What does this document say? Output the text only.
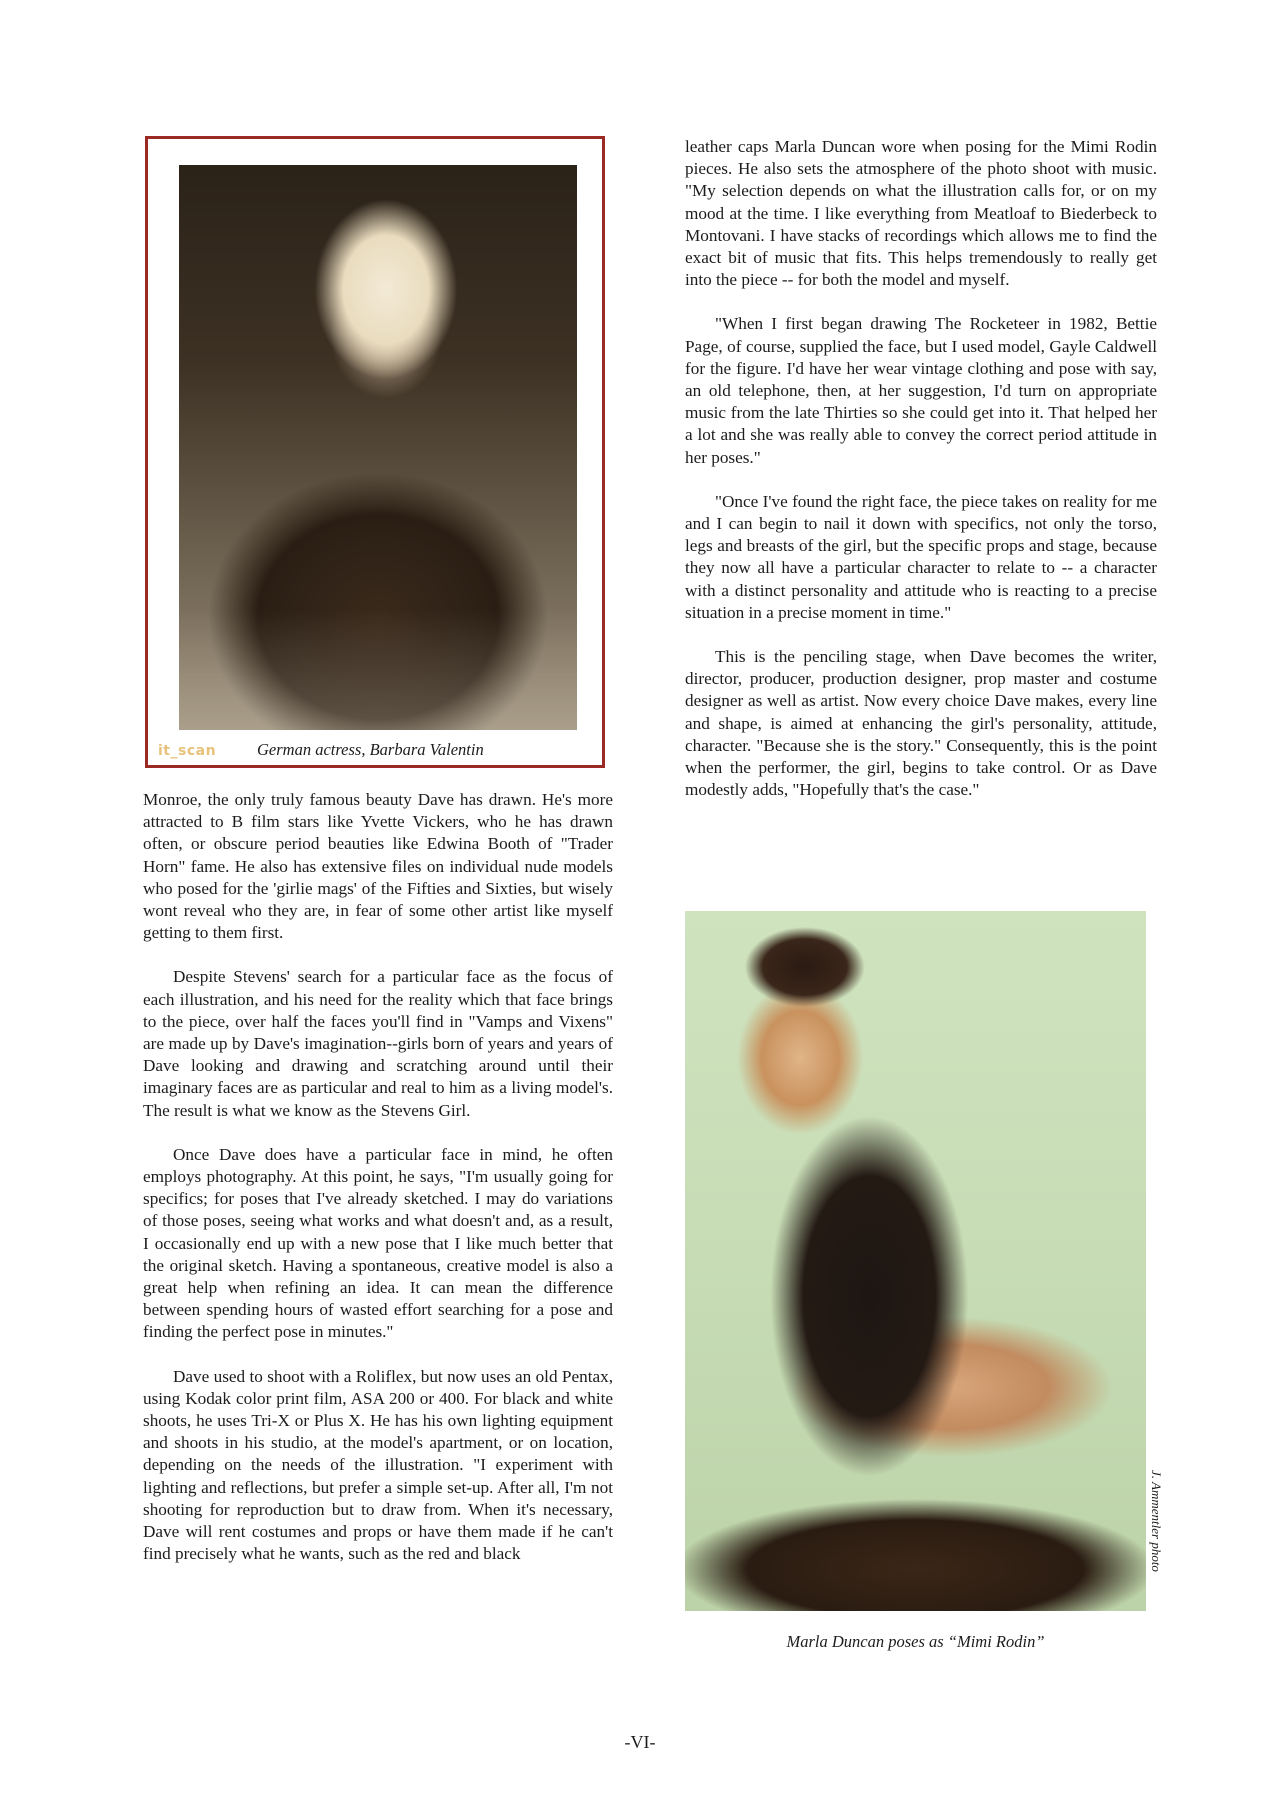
it_scan German actress, Barbara Valentin

Monroe, the only truly famous beauty Dave has drawn. He's more attracted to B film stars like Yvette Vickers, who he has drawn often, or obscure period beauties like Edwina Booth of "Trader Horn" fame. He also has extensive files on individual nude models who posed for the 'girlie mags' of the Fifties and Sixties, but wisely wont reveal who they are, in fear of some other artist like myself getting to them first.

Despite Stevens' search for a particular face as the focus of each illustration, and his need for the reality which that face brings to the piece, over half the faces you'll find in "Vamps and Vixens" are made up by Dave's imagination--girls born of years and years of Dave looking and drawing and scratching around until their imaginary faces are as particular and real to him as a living model's. The result is what we know as the Stevens Girl.

Once Dave does have a particular face in mind, he often employs photography. At this point, he says, "I'm usually going for specifics; for poses that I've already sketched. I may do variations of those poses, seeing what works and what doesn't and, as a result, I occasionally end up with a new pose that I like much better that the original sketch. Having a spontaneous, creative model is also a great help when refining an idea. It can mean the difference between spending hours of wasted effort searching for a pose and finding the perfect pose in minutes."

Dave used to shoot with a Roliflex, but now uses an old Pentax, using Kodak color print film, ASA 200 or 400. For black and white shoots, he uses Tri-X or Plus X. He has his own lighting equipment and shoots in his studio, at the model's apartment, or on location, depending on the needs of the illustration. "I experiment with lighting and reflections, but prefer a simple set-up. After all, I'm not shooting for reproduction but to draw from. When it's necessary, Dave will rent costumes and props or have them made if he can't find precisely what he wants, such as the red and black

leather caps Marla Duncan wore when posing for the Mimi Rodin pieces. He also sets the atmosphere of the photo shoot with music. "My selection depends on what the illustration calls for, or on my mood at the time. I like everything from Meatloaf to Biederbeck to Montovani. I have stacks of recordings which allows me to find the exact bit of music that fits. This helps tremendously to really get into the piece -- for both the model and myself.

"When I first began drawing The Rocketeer in 1982, Bettie Page, of course, supplied the face, but I used model, Gayle Caldwell for the figure. I'd have her wear vintage clothing and pose with say, an old telephone, then, at her suggestion, I'd turn on appropriate music from the late Thirties so she could get into it. That helped her a lot and she was really able to convey the correct period attitude in her poses."

"Once I've found the right face, the piece takes on reality for me and I can begin to nail it down with specifics, not only the torso, legs and breasts of the girl, but the specific props and stage, because they now all have a particular character to relate to -- a character with a distinct personality and attitude who is reacting to a precise situation in a precise moment in time."

This is the penciling stage, when Dave becomes the writer, director, producer, production designer, prop master and costume designer as well as artist. Now every choice Dave makes, every line and shape, is aimed at enhancing the girl's personality, attitude, character. "Because she is the story." Consequently, this is the point when the performer, the girl, begins to take control. Or as Dave modestly adds, "Hopefully that's the case."

J. Ammentler photo
Marla Duncan poses as “Mimi Rodin”
-VI-
